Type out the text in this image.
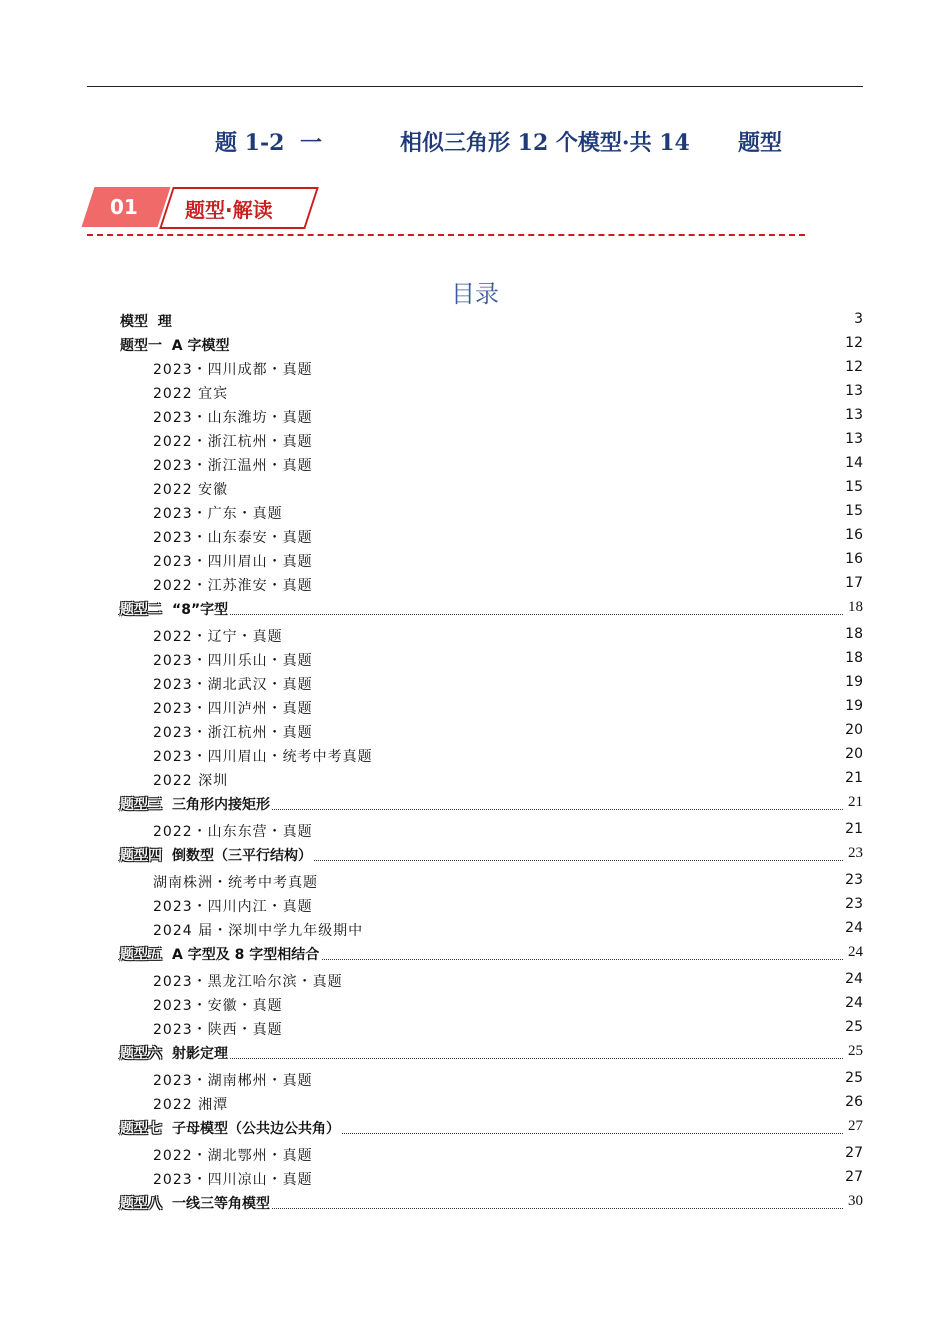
题 1-2

一

	相似三角形 12 个模型·共 14

题型

01 题型·解读
目录
模型  理	3
题型一  A 字模型	12
2023・四川成都・真题	12
2022 宜宾	13
2023・山东潍坊・真题	13
2022・浙江杭州・真题	13
2023・浙江温州・真题	14
2022 安徽	15
2023・广东・真题	15
2023・山东泰安・真题	16
2023・四川眉山・真题	16
2022・江苏淮安・真题	17
题型二 “8”字型	18
2022・辽宁・真题	18
2023・四川乐山・真题	18
2023・湖北武汉・真题	19
2023・四川泸州・真题	19
2023・浙江杭州・真题	20
2023・四川眉山・统考中考真题	20
2022 深圳	21
题型三 三角形内接矩形	21
2022・山东东营・真题	21
题型四 倒数型（三平行结构）	23
湖南株洲・统考中考真题	23
2023・四川内江・真题	23
2024 届・深圳中学九年级期中	24
题型五 A 字型及 8 字型相结合	24
2023・黑龙江哈尔滨・真题	24
2023・安徽・真题	24
2023・陕西・真题	25
题型六 射影定理	25
2023・湖南郴州・真题	25
2022 湘潭	26
题型七 子母模型（公共边公共角）	27
2022・湖北鄂州・真题	27
2023・四川凉山・真题	27
题型八 一线三等角模型	30
